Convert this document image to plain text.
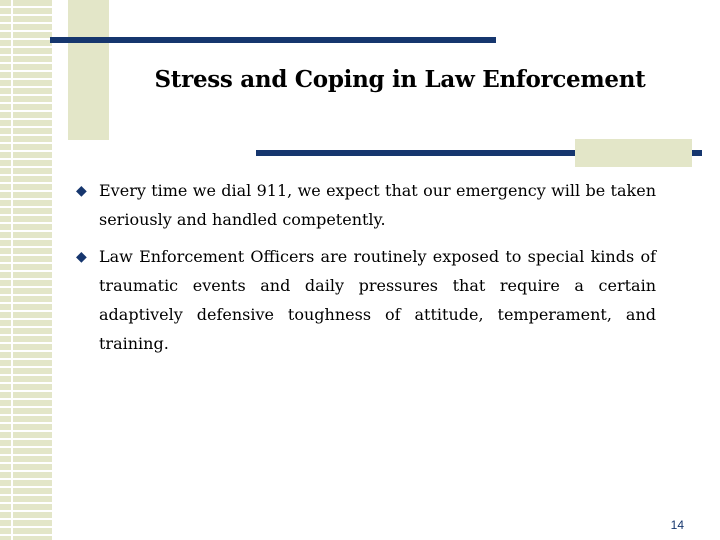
Stress and Coping in Law Enforcement
◆ Every time we dial 911, we expect that our emergency will be taken seriously and handled competently.
◆ Law Enforcement Officers are routinely exposed to special kinds of traumatic events and daily pressures that require a certain adaptively defensive toughness of attitude, temperament, and training.
14
